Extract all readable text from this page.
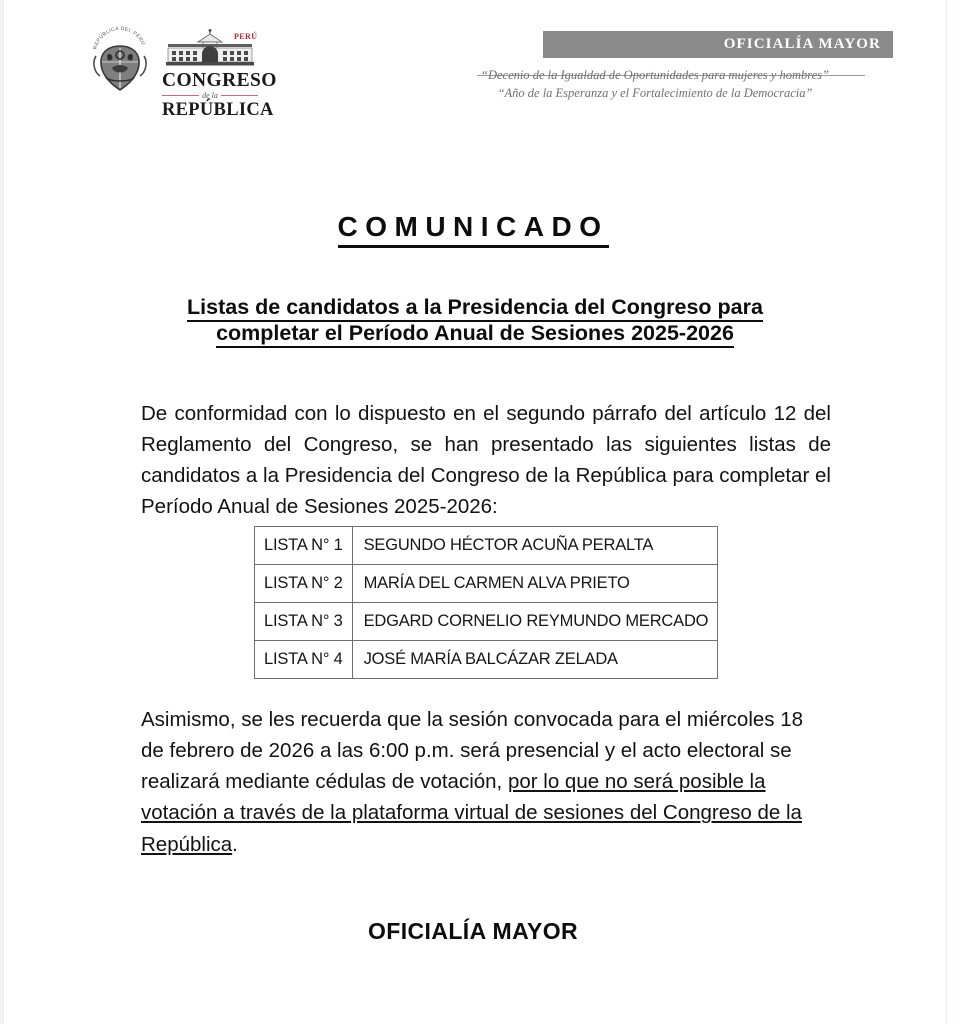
REPÚBLICA DEL PERÚ
PERÚ
CONGRESO
de la
REPÚBLICA
OFICIALÍA MAYOR
“Decenio de la Igualdad de Oportunidades para mujeres y hombres”
“Año de la Esperanza y el Fortalecimiento de la Democracia”
COMUNICADO
Listas de candidatos a la Presidencia del Congreso para
completar el Período Anual de Sesiones 2025-2026
De conformidad con lo dispuesto en el segundo párrafo del artículo 12 del Reglamento del Congreso, se han presentado las siguientes listas de candidatos a la Presidencia del Congreso de la República para completar el Período Anual de Sesiones 2025-2026:
LISTA N° 1	SEGUNDO HÉCTOR ACUÑA PERALTA
LISTA N° 2	MARÍA DEL CARMEN ALVA PRIETO
LISTA N° 3	EDGARD CORNELIO REYMUNDO MERCADO
LISTA N° 4	JOSÉ MARÍA BALCÁZAR ZELADA
Asimismo, se les recuerda que la sesión convocada para el miércoles 18 de febrero de 2026 a las 6:00 p.m. será presencial y el acto electoral se realizará mediante cédulas de votación, por lo que no será posible la votación a través de la plataforma virtual de sesiones del Congreso de la República.
OFICIALÍA MAYOR
